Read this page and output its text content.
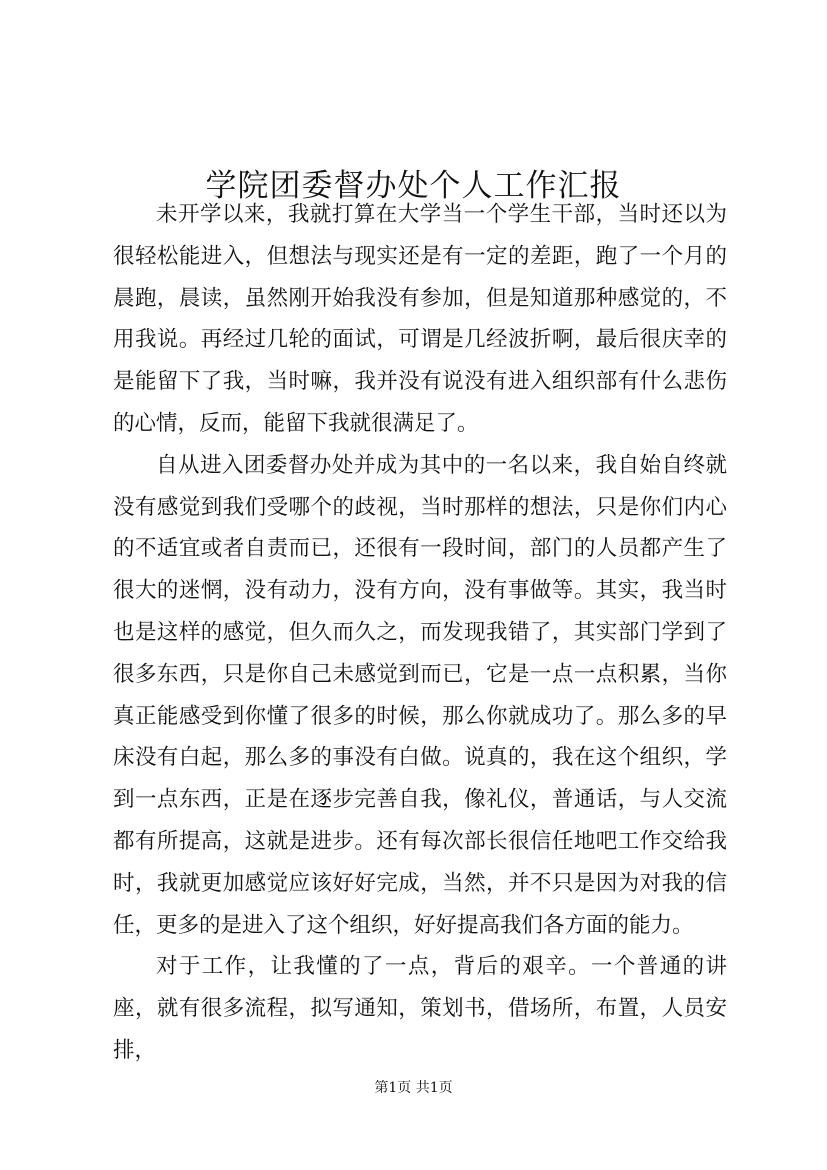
学院团委督办处个人工作汇报

未开学以来，我就打算在大学当一个学生干部，当时还以为很轻松能进入，但想法与现实还是有一定的差距，跑了一个月的晨跑，晨读，虽然刚开始我没有参加，但是知道那种感觉的，不用我说。再经过几轮的面试，可谓是几经波折啊，最后很庆幸的是能留下了我，当时嘛，我并没有说没有进入组织部有什么悲伤的心情，反而，能留下我就很满足了。

自从进入团委督办处并成为其中的一名以来，我自始自终就没有感觉到我们受哪个的歧视，当时那样的想法，只是你们内心的不适宜或者自责而已，还很有一段时间，部门的人员都产生了很大的迷惘，没有动力，没有方向，没有事做等。其实，我当时也是这样的感觉，但久而久之，而发现我错了，其实部门学到了很多东西，只是你自己未感觉到而已，它是一点一点积累，当你真正能感受到你懂了很多的时候，那么你就成功了。那么多的早床没有白起，那么多的事没有白做。说真的，我在这个组织，学到一点东西，正是在逐步完善自我，像礼仪，普通话，与人交流都有所提高，这就是进步。还有每次部长很信任地吧工作交给我时，我就更加感觉应该好好完成，当然，并不只是因为对我的信任，更多的是进入了这个组织，好好提高我们各方面的能力。

对于工作，让我懂的了一点，背后的艰辛。一个普通的讲座，就有很多流程，拟写通知，策划书，借场所，布置，人员安排，

第1页 共1页
